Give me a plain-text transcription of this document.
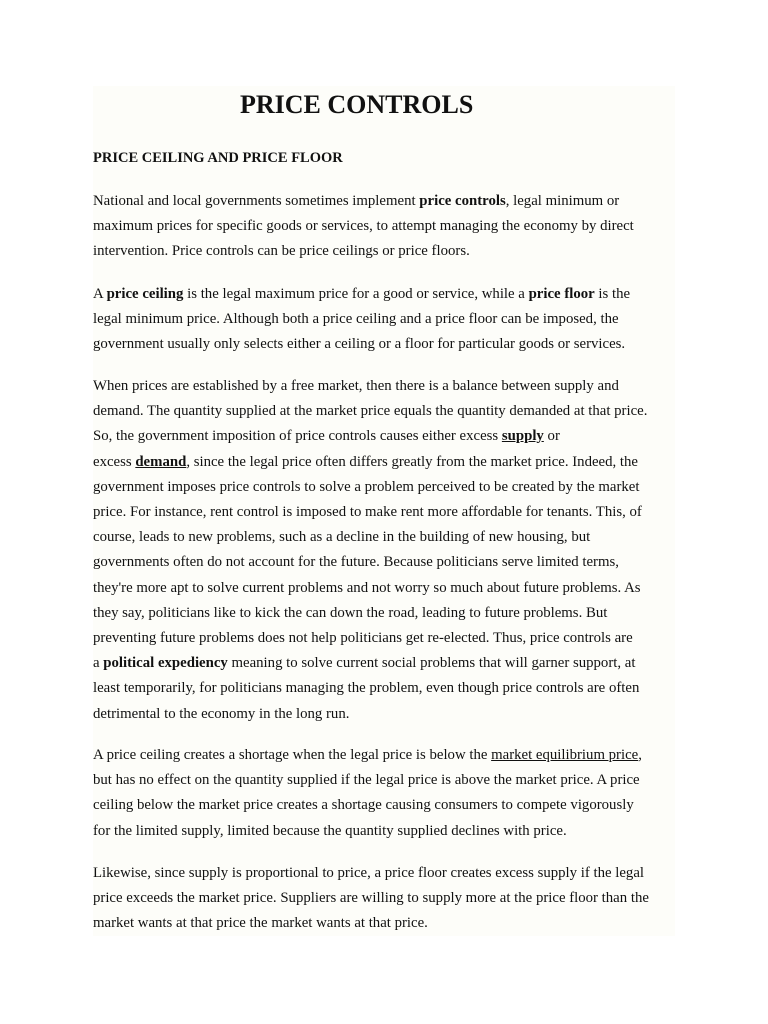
PRICE CONTROLS
PRICE CEILING AND PRICE FLOOR

National and local governments sometimes implement price controls, legal minimum or
maximum prices for specific goods or services, to attempt managing the economy by direct
intervention. Price controls can be price ceilings or price floors.

A price ceiling is the legal maximum price for a good or service, while a price floor is the
legal minimum price. Although both a price ceiling and a price floor can be imposed, the
government usually only selects either a ceiling or a floor for particular goods or services.

When prices are established by a free market, then there is a balance between supply and
demand. The quantity supplied at the market price equals the quantity demanded at that price.
So, the government imposition of price controls causes either excess supply or
excess demand, since the legal price often differs greatly from the market price. Indeed, the
government imposes price controls to solve a problem perceived to be created by the market
price. For instance, rent control is imposed to make rent more affordable for tenants. This, of
course, leads to new problems, such as a decline in the building of new housing, but
governments often do not account for the future. Because politicians serve limited terms,
they're more apt to solve current problems and not worry so much about future problems. As
they say, politicians like to kick the can down the road, leading to future problems. But
preventing future problems does not help politicians get re-elected. Thus, price controls are
a political expediency meaning to solve current social problems that will garner support, at
least temporarily, for politicians managing the problem, even though price controls are often
detrimental to the economy in the long run.

A price ceiling creates a shortage when the legal price is below the market equilibrium price,
but has no effect on the quantity supplied if the legal price is above the market price. A price
ceiling below the market price creates a shortage causing consumers to compete vigorously
for the limited supply, limited because the quantity supplied declines with price.

Likewise, since supply is proportional to price, a price floor creates excess supply if the legal
price exceeds the market price. Suppliers are willing to supply more at the price floor than the
market wants at that price the market wants at that price.
